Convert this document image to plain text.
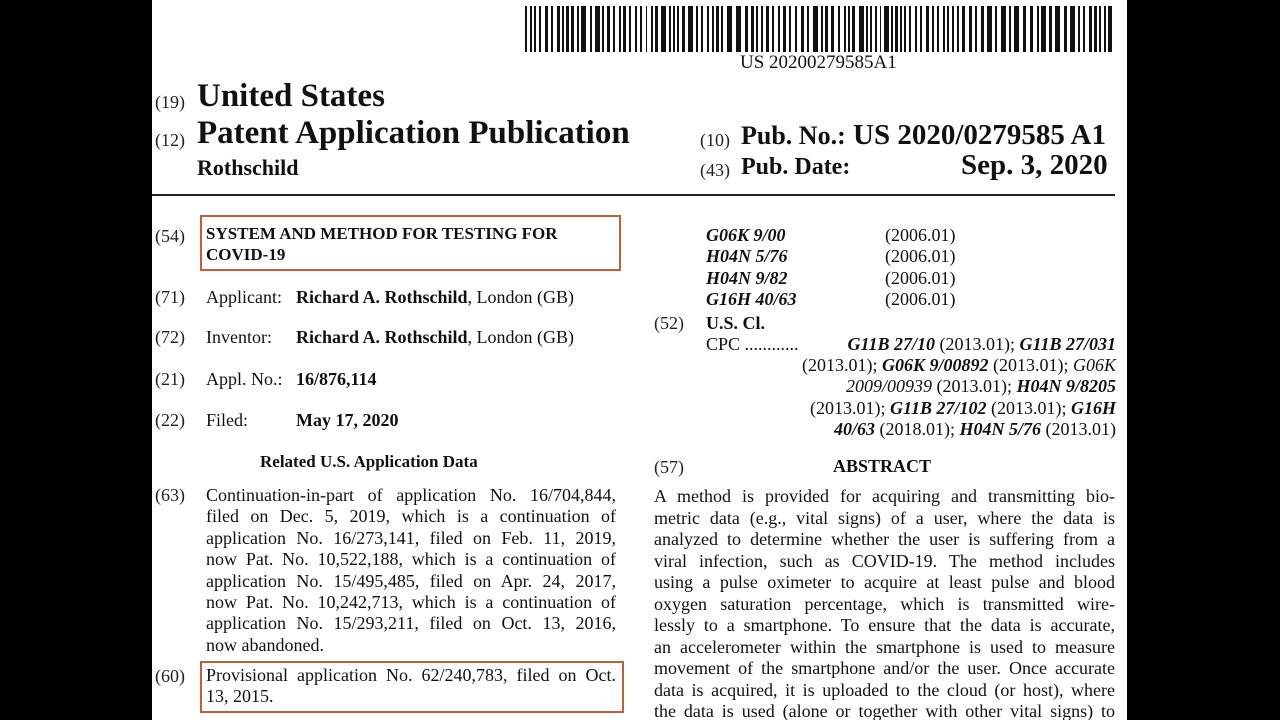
US 20200279585A1
(19) United States
(12) Patent Application Publication
Rothschild
(10) Pub. No.: US 2020/0279585 A1
(43) Pub. Date:	Sep. 3, 2020
(54) SYSTEM AND METHOD FOR TESTING FOR
COVID-19
(71) Applicant: Richard A. Rothschild, London (GB)
(72) Inventor: Richard A. Rothschild, London (GB)
(21) Appl. No.: 16/876,114
(22) Filed:	May 17, 2020
Related U.S. Application Data
(63) Continuation-in-part of application No. 16/704,844,
filed on Dec. 5, 2019, which is a continuation of
application No. 16/273,141, filed on Feb. 11, 2019,
now Pat. No. 10,522,188, which is a continuation of
application No. 15/495,485, filed on Apr. 24, 2017,
now Pat. No. 10,242,713, which is a continuation of
application No. 15/293,211, filed on Oct. 13, 2016,
now abandoned.
(60) Provisional application No. 62/240,783, filed on Oct.
13, 2015.
G06K 9/00	(2006.01)
H04N 5/76	(2006.01)
H04N 9/82	(2006.01)
G16H 40/63	(2006.01)
(52) U.S. Cl.
CPC ............	G11B 27/10 (2013.01); G11B 27/031
(2013.01); G06K 9/00892 (2013.01); G06K
2009/00939 (2013.01); H04N 9/8205
(2013.01); G11B 27/102 (2013.01); G16H
40/63 (2018.01); H04N 5/76 (2013.01)
(57)	ABSTRACT
A method is provided for acquiring and transmitting bio-
metric data (e.g., vital signs) of a user, where the data is
analyzed to determine whether the user is suffering from a
viral infection, such as COVID-19. The method includes
using a pulse oximeter to acquire at least pulse and blood
oxygen saturation percentage, which is transmitted wire-
lessly to a smartphone. To ensure that the data is accurate,
an accelerometer within the smartphone is used to measure
movement of the smartphone and/or the user. Once accurate
data is acquired, it is uploaded to the cloud (or host), where
the data is used (alone or together with other vital signs) to
